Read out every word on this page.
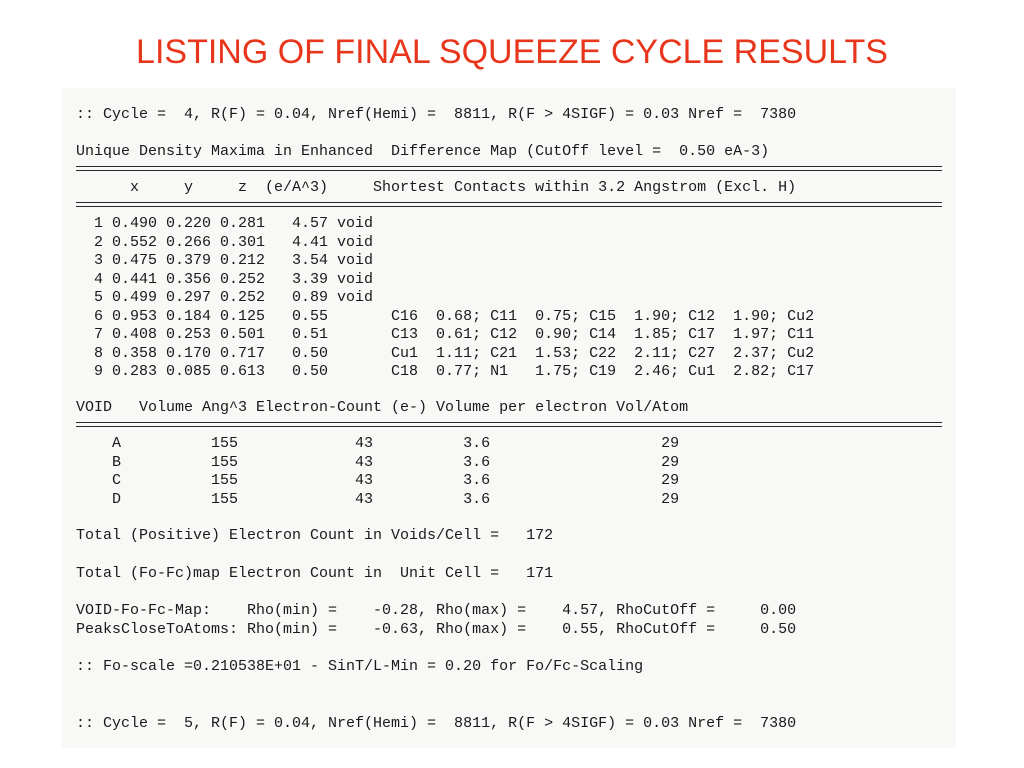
LISTING OF FINAL SQUEEZE CYCLE RESULTS

:: Cycle =  4, R(F) = 0.04, Nref(Hemi) =  8811, R(F > 4SIGF) = 0.03 Nref =  7380

Unique Density Maxima in Enhanced  Difference Map (CutOff level =  0.50 eA-3)

x     y     z  (e/A^3)     Shortest Contacts within 3.2 Angstrom (Excl. H)

1 0.490 0.220 0.281   4.57 void

2 0.552 0.266 0.301   4.41 void

3 0.475 0.379 0.212   3.54 void

4 0.441 0.356 0.252   3.39 void

5 0.499 0.297 0.252   0.89 void

6 0.953 0.184 0.125   0.55       C16  0.68; C11  0.75; C15  1.90; C12  1.90; Cu2

7 0.408 0.253 0.501   0.51       C13  0.61; C12  0.90; C14  1.85; C17  1.97; C11

8 0.358 0.170 0.717   0.50       Cu1  1.11; C21  1.53; C22  2.11; C27  2.37; Cu2

9 0.283 0.085 0.613   0.50       C18  0.77; N1   1.75; C19  2.46; Cu1  2.82; C17

VOID   Volume Ang^3 Electron-Count (e-) Volume per electron Vol/Atom

A          155             43          3.6                   29

B          155             43          3.6                   29

C          155             43          3.6                   29

D          155             43          3.6                   29

Total (Positive) Electron Count in Voids/Cell =   172

Total (Fo-Fc)map Electron Count in  Unit Cell =   171

VOID-Fo-Fc-Map:    Rho(min) =    -0.28, Rho(max) =    4.57, RhoCutOff =     0.00

PeaksCloseToAtoms: Rho(min) =    -0.63, Rho(max) =    0.55, RhoCutOff =     0.50

:: Fo-scale =0.210538E+01 - SinT/L-Min = 0.20 for Fo/Fc-Scaling

:: Cycle =  5, R(F) = 0.04, Nref(Hemi) =  8811, R(F > 4SIGF) = 0.03 Nref =  7380
